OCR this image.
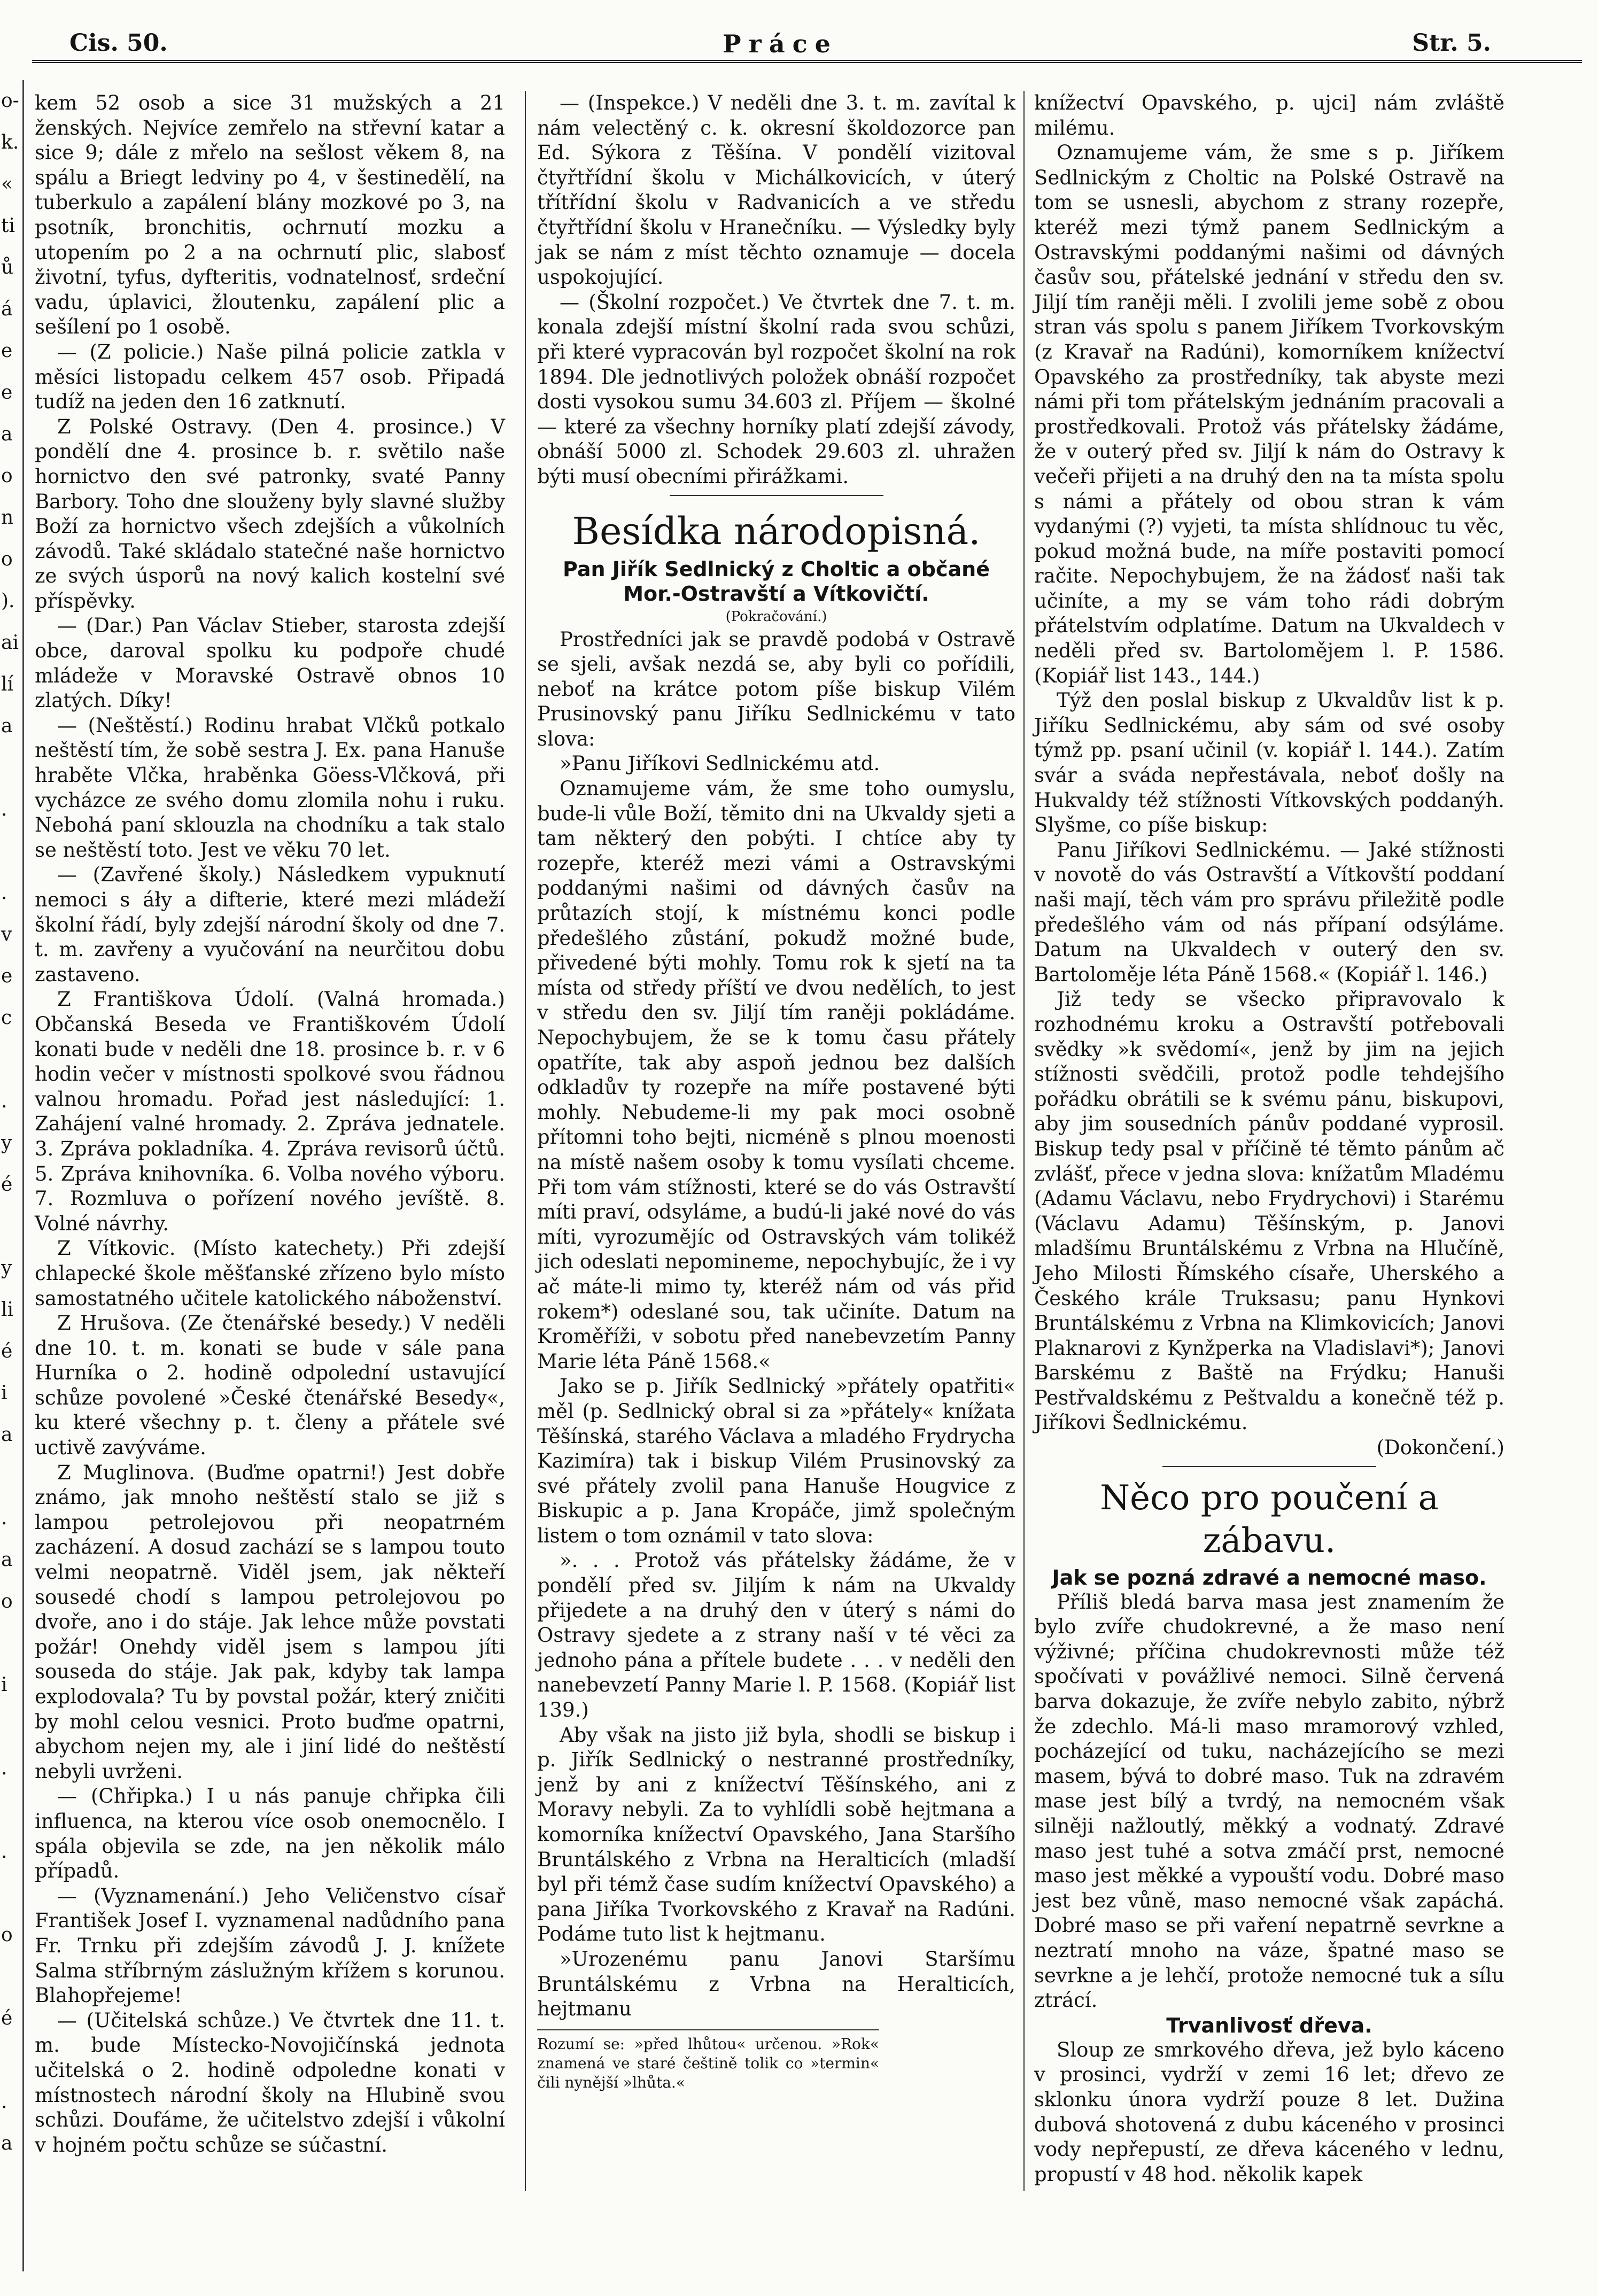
o-
k.
«
ti
ů
á
e
e
a
o
n
o
).
ai
lí
a

.

.
v
e
c

.
y
é

y
li
é
i
a

.
a
o

i

.

.

o

é

.
a
Cis. 50.	Práce	Str. 5.

kem 52 osob a sice 31 mužských a 21 ženských. Nejvíce zemřelo na střevní katar a sice 9; dále z mřelo na sešlost věkem 8, na spálu a Briegt ledviny po 4, v šestinedělí, na tuberkulo a zapálení blány mozkové po 3, na psotník, bronchitis, ochrnutí mozku a utopením po 2 a na ochrnutí plic, slabosť životní, tyfus, dyfteritis, vodnatelnosť, srdeční vadu, úplavici, žloutenku, zapálení plic a sešílení po 1 osobě.

— (Z policie.) Naše pilná policie zatkla v měsíci listopadu celkem 457 osob. Připadá tudíž na jeden den 16 zatknutí.

Z Polské Ostravy. (Den 4. prosince.) V pondělí dne 4. prosince b. r. světilo naše hornictvo den své patronky, svaté Panny Barbory. Toho dne slouženy byly slavné služby Boží za hornictvo všech zdejších a vůkolních závodů. Také skládalo statečné naše hornictvo ze svých úsporů na nový kalich kostelní své příspěvky.

— (Dar.) Pan Václav Stieber, starosta zdejší obce, daroval spolku ku podpoře chudé mládeže v Moravské Ostravě obnos 10 zlatých. Díky!

— (Neštěstí.) Rodinu hrabat Vlčků potkalo neštěstí tím, že sobě sestra J. Ex. pana Hanuše hraběte Vlčka, hraběnka Göess-Vlčková, při vycházce ze svého domu zlomila nohu i ruku. Nebohá paní sklouzla na chodníku a tak stalo se neštěstí toto. Jest ve věku 70 let.

— (Zavřené školy.) Následkem vypuknutí nemoci s áły a difterie, které mezi mládeží školní řádí, byly zdejší národní školy od dne 7. t. m. zavřeny a vyučování na neurčitou dobu zastaveno.

Z Františkova Údolí. (Valná hromada.) Občanská Beseda ve Františkovém Údolí konati bude v neděli dne 18. prosince b. r. v 6 hodin večer v místnosti spolkové svou řádnou valnou hromadu. Pořad jest následující: 1. Zahájení valné hromady. 2. Zpráva jednatele. 3. Zpráva pokladníka. 4. Zpráva revisorů účtů. 5. Zpráva knihovníka. 6. Volba nového výboru. 7. Rozmluva o pořízení nového jevíště. 8. Volné návrhy.

Z Vítkovic. (Místo katechety.) Při zdejší chlapecké škole měšťanské zřízeno bylo místo samostatného učitele katolického náboženství.

Z Hrušova. (Ze čtenářské besedy.) V neděli dne 10. t. m. konati se bude v sále pana Hurníka o 2. hodině odpolední ustavující schůze povolené »České čtenářské Besedy«, ku které všechny p. t. členy a přátele své uctivě zavýváme.

Z Muglinova. (Buďme opatrni!) Jest dobře známo, jak mnoho neštěstí stalo se již s lampou petrolejovou při neopatrném zacházení. A dosud zachází se s lampou touto velmi neopatrně. Viděl jsem, jak někteří sousedé chodí s lampou petrolejovou po dvoře, ano i do stáje. Jak lehce může povstati požár! Onehdy viděl jsem s lampou jíti souseda do stáje. Jak pak, kdyby tak lampa explodovala? Tu by povstal požár, který zničiti by mohl celou vesnici. Proto buďme opatrni, abychom nejen my, ale i jiní lidé do neštěstí nebyli uvrženi.

— (Chřipka.) I u nás panuje chřipka čili influenca, na kterou více osob onemocnělo. I spála objevila se zde, na jen několik málo případů.

— (Vyznamenání.) Jeho Veličenstvo císař František Josef I. vyznamenal nadůdního pana Fr. Trnku při zdejším závodů J. J. knížete Salma stříbrným záslužným křížem s korunou. Blahopřejeme!

— (Učitelská schůze.) Ve čtvrtek dne 11. t. m. bude Místecko-Novojičínská jednota učitelská o 2. hodině odpoledne konati v místnostech národní školy na Hlubině svou schůzi. Doufáme, že učitelstvo zdejší i vůkolní v hojném počtu schůze se súčastní.

— (Inspekce.) V neděli dne 3. t. m. zavítal k nám velectěný c. k. okresní školdozorce pan Ed. Sýkora z Těšína. V pondělí vizitoval čtyřtřídní školu v Michálkovicích, v úterý třítřídní školu v Radvanicích a ve středu čtyřtřídní školu v Hranečníku. — Výsledky byly jak se nám z míst těchto oznamuje — docela uspokojující.

— (Školní rozpočet.) Ve čtvrtek dne 7. t. m. konala zdejší místní školní rada svou schůzi, při které vypracován byl rozpočet školní na rok 1894. Dle jednotlivých položek obnáší rozpočet dosti vysokou sumu 34.603 zl. Příjem — školné — které za všechny horníky platí zdejší závody, obnáší 5000 zl. Schodek 29.603 zl. uhražen býti musí obecními přirážkami.

Besídka národopisná.
Pan Jiřík Sedlnický z Choltic a občané Mor.-Ostravští a Vítkovičtí.
(Pokračování.)

Prostředníci jak se pravdě podobá v Ostravě se sjeli, avšak nezdá se, aby byli co pořídili, neboť na krátce potom píše biskup Vilém Prusinovský panu Jiříku Sedlnickému v tato slova:

»Panu Jiříkovi Sedlnickému atd.

Oznamujeme vám, že sme toho oumyslu, bude-li vůle Boží, těmito dni na Ukvaldy sjeti a tam některý den pobýti. I chtíce aby ty rozepře, kteréž mezi vámi a Ostravskými poddanými našimi od dávných časův na průtazích stojí, k místnému konci podle předešlého zůstání, pokudž možné bude, přivedené býti mohly. Tomu rok k sjetí na ta místa od středy příští ve dvou nedělích, to jest v středu den sv. Jiljí tím raněji pokládáme. Nepochybujem, že se k tomu času přátely opatříte, tak aby aspoň jednou bez dalších odkladův ty rozepře na míře postavené býti mohly. Nebudeme-li my pak moci osobně přítomni toho bejti, nicméně s plnou moenosti na místě našem osoby k tomu vysílati chceme. Při tom vám stížnosti, které se do vás Ostravští míti praví, odsyláme, a budú-li jaké nové do vás míti, vyrozumějíc od Ostravských vám tolikéž jich odeslati nepomineme, nepochybujíc, že i vy ač máte-li mimo ty, kteréž nám od vás přid rokem*) odeslané sou, tak učiníte. Datum na Kroměříži, v sobotu před nanebevzetím Panny Marie léta Páně 1568.«

Jako se p. Jiřík Sedlnický »přátely opatřiti« měl (p. Sedlnický obral si za »přátely« knížata Těšínská, starého Václava a mladého Frydrycha Kazimíra) tak i biskup Vilém Prusinovský za své přátely zvolil pana Hanuše Hougvice z Biskupic a p. Jana Kropáče, jimž společným listem o tom oznámil v tato slova:

». . . Protož vás přátelsky žádáme, že v pondělí před sv. Jiljím k nám na Ukvaldy přijedete a na druhý den v úterý s námi do Ostravy sjedete a z strany naší v té věci za jednoho pána a přítele budete . . . v neděli den nanebevzetí Panny Marie l. P. 1568. (Kopiář list 139.)

Aby však na jisto již byla, shodli se biskup i p. Jiřík Sedlnický o nestranné prostředníky, jenž by ani z knížectví Těšínského, ani z Moravy nebyli. Za to vyhlídli sobě hejtmana a komorníka knížectví Opavského, Jana Staršího Bruntálského z Vrbna na Heralticích (mladší byl při témž čase sudím knížectví Opavského) a pana Jiříka Tvorkovského z Kravař na Radúni. Podáme tuto list k hejtmanu.

»Urozenému panu Janovi Staršímu Bruntálskému z Vrbna na Heralticích, hejtmanu

Rozumí se: »před lhůtou« určenou. »Rok« znamená ve staré češtině tolik co »termin« čili nynější »lhůta.«

knížectví Opavského, p. ujci] nám zvláště milému.

Oznamujeme vám, že sme s p. Jiříkem Sedlnickým z Choltic na Polské Ostravě na tom se usnesli, abychom z strany rozepře, kteréž mezi týmž panem Sedlnickým a Ostravskými poddanými našimi od dávných časův sou, přátelské jednání v středu den sv. Jiljí tím raněji měli. I zvolili jeme sobě z obou stran vás spolu s panem Jiříkem Tvorkovským (z Kravař na Radúni), komorníkem knížectví Opavského za prostředníky, tak abyste mezi námi při tom přátelským jednáním pracovali a prostředkovali. Protož vás přátelsky žádáme, že v outerý před sv. Jiljí k nám do Ostravy k večeři přijeti a na druhý den na ta místa spolu s námi a přátely od obou stran k vám vydanými (?) vyjeti, ta místa shlídnouc tu věc, pokud možná bude, na míře postaviti pomocí račite. Nepochybujem, že na žádosť naši tak učiníte, a my se vám toho rádi dobrým přátelstvím odplatíme. Datum na Ukvaldech v neděli před sv. Bartolomějem l. P. 1586. (Kopiář list 143., 144.)

Týž den poslal biskup z Ukvaldův list k p. Jiříku Sedlnickému, aby sám od své osoby týmž pp. psaní učinil (v. kopiář l. 144.). Zatím svár a sváda nepřestávala, neboť došly na Hukvaldy též stížnosti Vítkovských poddanýh. Slyšme, co píše biskup:

Panu Jiříkovi Sedlnickému. — Jaké stížnosti v novotě do vás Ostravští a Vítkovští poddaní naši mají, těch vám pro správu přiležitě podle předešlého vám od nás přípaní odsýláme. Datum na Ukvaldech v outerý den sv. Bartoloměje léta Páně 1568.« (Kopiář l. 146.)

Již tedy se všecko připravovalo k rozhodnému kroku a Ostravští potřebovali svědky »k svědomí«, jenž by jim na jejich stížnosti svědčili, protož podle tehdejšího pořádku obrátili se k svému pánu, biskupovi, aby jim sousedních pánův poddané vyprosil. Biskup tedy psal v příčině té těmto pánům ač zvlášť, přece v jedna slova: knížatům Mladému (Adamu Václavu, nebo Frydrychovi) i Starému (Václavu Adamu) Těšínským, p. Janovi mladšímu Bruntálskému z Vrbna na Hlučíně, Jeho Milosti Římského císaře, Uherského a Českého krále Truksasu; panu Hynkovi Bruntálskému z Vrbna na Klimkovicích; Janovi Plaknarovi z Kynžperka na Vladislavi*); Janovi Barskému z Baště na Frýdku; Hanuši Pestřvaldskému z Peštvaldu a konečně též p. Jiříkovi Šedlnickému.

(Dokončení.)
Něco pro poučení a zábavu.
Jak se pozná zdravé a nemocné maso.

Příliš bledá barva masa jest znamením že bylo zvíře chudokrevné, a že maso není výživné; příčina chudokrevnosti může též spočívati v povážlivé nemoci. Silně červená barva dokazuje, že zvíře nebylo zabito, nýbrž že zdechlo. Má-li maso mramorový vzhled, pocházející od tuku, nacházejícího se mezi masem, bývá to dobré maso. Tuk na zdravém mase jest bílý a tvrdý, na nemocném však silněji nažloutlý, měkký a vodnatý. Zdravé maso jest tuhé a sotva zmáčí prst, nemocné maso jest měkké a vypouští vodu. Dobré maso jest bez vůně, maso nemocné však zapáchá. Dobré maso se při vaření nepatrně sevrkne a neztratí mnoho na váze, špatné maso se sevrkne a je lehčí, protože nemocné tuk a sílu ztrácí.

Trvanlivosť dřeva.

Sloup ze smrkového dřeva, jež bylo káceno v prosinci, vydrží v zemi 16 let; dřevo ze sklonku února vydrží pouze 8 let. Dužina dubová shotovená z dubu káceného v prosinci vody nepřepustí, ze dřeva káceného v lednu, propustí v 48 hod. několik kapek
